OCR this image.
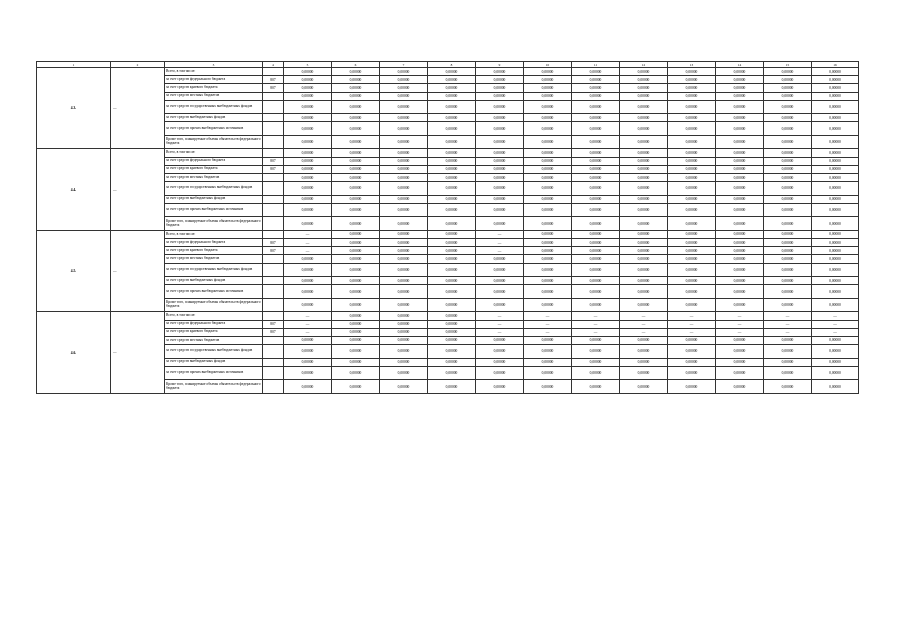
1	2	3	4	5	6	7	8	9	10	11	12	13	14	15	16
4.3.	—	Всего, в том числе:		0,00000	0,00000	0,00000	0,00000	0,00000	0,00000	0,00000	0,00000	0,00000	0,00000	0,00000	0,00000
		за счет средств федерального бюджета	807	0,00000	0,00000	0,00000	0,00000	0,00000	0,00000	0,00000	0,00000	0,00000	0,00000	0,00000	0,00000
		за счет средств краевого бюджета	807	0,00000	0,00000	0,00000	0,00000	0,00000	0,00000	0,00000	0,00000	0,00000	0,00000	0,00000	0,00000
		за счет средств местных бюджетов		0,00000	0,00000	0,00000	0,00000	0,00000	0,00000	0,00000	0,00000	0,00000	0,00000	0,00000	0,00000
		за счет средств государственных внебюджетных фондов		0,00000	0,00000	0,00000	0,00000	0,00000	0,00000	0,00000	0,00000	0,00000	0,00000	0,00000	0,00000
		за счет средств внебюджетных фондов		0,00000	0,00000	0,00000	0,00000	0,00000	0,00000	0,00000	0,00000	0,00000	0,00000	0,00000	0,00000
		за счет средств прочих внебюджетных источников		0,00000	0,00000	0,00000	0,00000	0,00000	0,00000	0,00000	0,00000	0,00000	0,00000	0,00000	0,00000
		Кроме того, планируемые объемы обязательств федерального бюджета		0,00000	0,00000	0,00000	0,00000	0,00000	0,00000	0,00000	0,00000	0,00000	0,00000	0,00000	0,00000
4.4.	—	Всего, в том числе:		0,00000	0,00000	0,00000	0,00000	0,00000	0,00000	0,00000	0,00000	0,00000	0,00000	0,00000	0,00000
		за счет средств федерального бюджета	807	0,00000	0,00000	0,00000	0,00000	0,00000	0,00000	0,00000	0,00000	0,00000	0,00000	0,00000	0,00000
		за счет средств краевого бюджета	807	0,00000	0,00000	0,00000	0,00000	0,00000	0,00000	0,00000	0,00000	0,00000	0,00000	0,00000	0,00000
		за счет средств местных бюджетов		0,00000	0,00000	0,00000	0,00000	0,00000	0,00000	0,00000	0,00000	0,00000	0,00000	0,00000	0,00000
		за счет средств государственных внебюджетных фондов		0,00000	0,00000	0,00000	0,00000	0,00000	0,00000	0,00000	0,00000	0,00000	0,00000	0,00000	0,00000
		за счет средств внебюджетных фондов		0,00000	0,00000	0,00000	0,00000	0,00000	0,00000	0,00000	0,00000	0,00000	0,00000	0,00000	0,00000
		за счет средств прочих внебюджетных источников		0,00000	0,00000	0,00000	0,00000	0,00000	0,00000	0,00000	0,00000	0,00000	0,00000	0,00000	0,00000
		Кроме того, планируемые объемы обязательств федерального бюджета		0,00000	0,00000	0,00000	0,00000	0,00000	0,00000	0,00000	0,00000	0,00000	0,00000	0,00000	0,00000
4.5.	—	Всего, в том числе:		—	0,00000	0,00000	0,00000	—	0,00000	0,00000	0,00000	0,00000	0,00000	0,00000	0,00000
		за счет средств федерального бюджета	807	—	0,00000	0,00000	0,00000	—	0,00000	0,00000	0,00000	0,00000	0,00000	0,00000	0,00000
		за счет средств краевого бюджета	807	—	0,00000	0,00000	0,00000	—	0,00000	0,00000	0,00000	0,00000	0,00000	0,00000	0,00000
		за счет средств местных бюджетов		0,00000	0,00000	0,00000	0,00000	0,00000	0,00000	0,00000	0,00000	0,00000	0,00000	0,00000	0,00000
		за счет средств государственных внебюджетных фондов		0,00000	0,00000	0,00000	0,00000	0,00000	0,00000	0,00000	0,00000	0,00000	0,00000	0,00000	0,00000
		за счет средств внебюджетных фондов		0,00000	0,00000	0,00000	0,00000	0,00000	0,00000	0,00000	0,00000	0,00000	0,00000	0,00000	0,00000
		за счет средств прочих внебюджетных источников		0,00000	0,00000	0,00000	0,00000	0,00000	0,00000	0,00000	0,00000	0,00000	0,00000	0,00000	0,00000
		Кроме того, планируемые объемы обязательств федерального бюджета		0,00000	0,00000	0,00000	0,00000	0,00000	0,00000	0,00000	0,00000	0,00000	0,00000	0,00000	0,00000
4.6.	—	Всего, в том числе:		—	0,00000	0,00000	0,00000	—	—	—	—	—	—	—	—
		за счет средств федерального бюджета	807	—	0,00000	0,00000	0,00000	—	—	—	—	—	—	—	—
		за счет средств краевого бюджета	807	—	0,00000	0,00000	0,00000	—	—	—	—	—	—	—	—
		за счет средств местных бюджетов		0,00000	0,00000	0,00000	0,00000	0,00000	0,00000	0,00000	0,00000	0,00000	0,00000	0,00000	0,00000
		за счет средств государственных внебюджетных фондов		0,00000	0,00000	0,00000	0,00000	0,00000	0,00000	0,00000	0,00000	0,00000	0,00000	0,00000	0,00000
		за счет средств внебюджетных фондов		0,00000	0,00000	0,00000	0,00000	0,00000	0,00000	0,00000	0,00000	0,00000	0,00000	0,00000	0,00000
		за счет средств прочих внебюджетных источников		0,00000	0,00000	0,00000	0,00000	0,00000	0,00000	0,00000	0,00000	0,00000	0,00000	0,00000	0,00000
		Кроме того, планируемые объемы обязательств федерального бюджета		0,00000	0,00000	0,00000	0,00000	0,00000	0,00000	0,00000	0,00000	0,00000	0,00000	0,00000	0,00000
